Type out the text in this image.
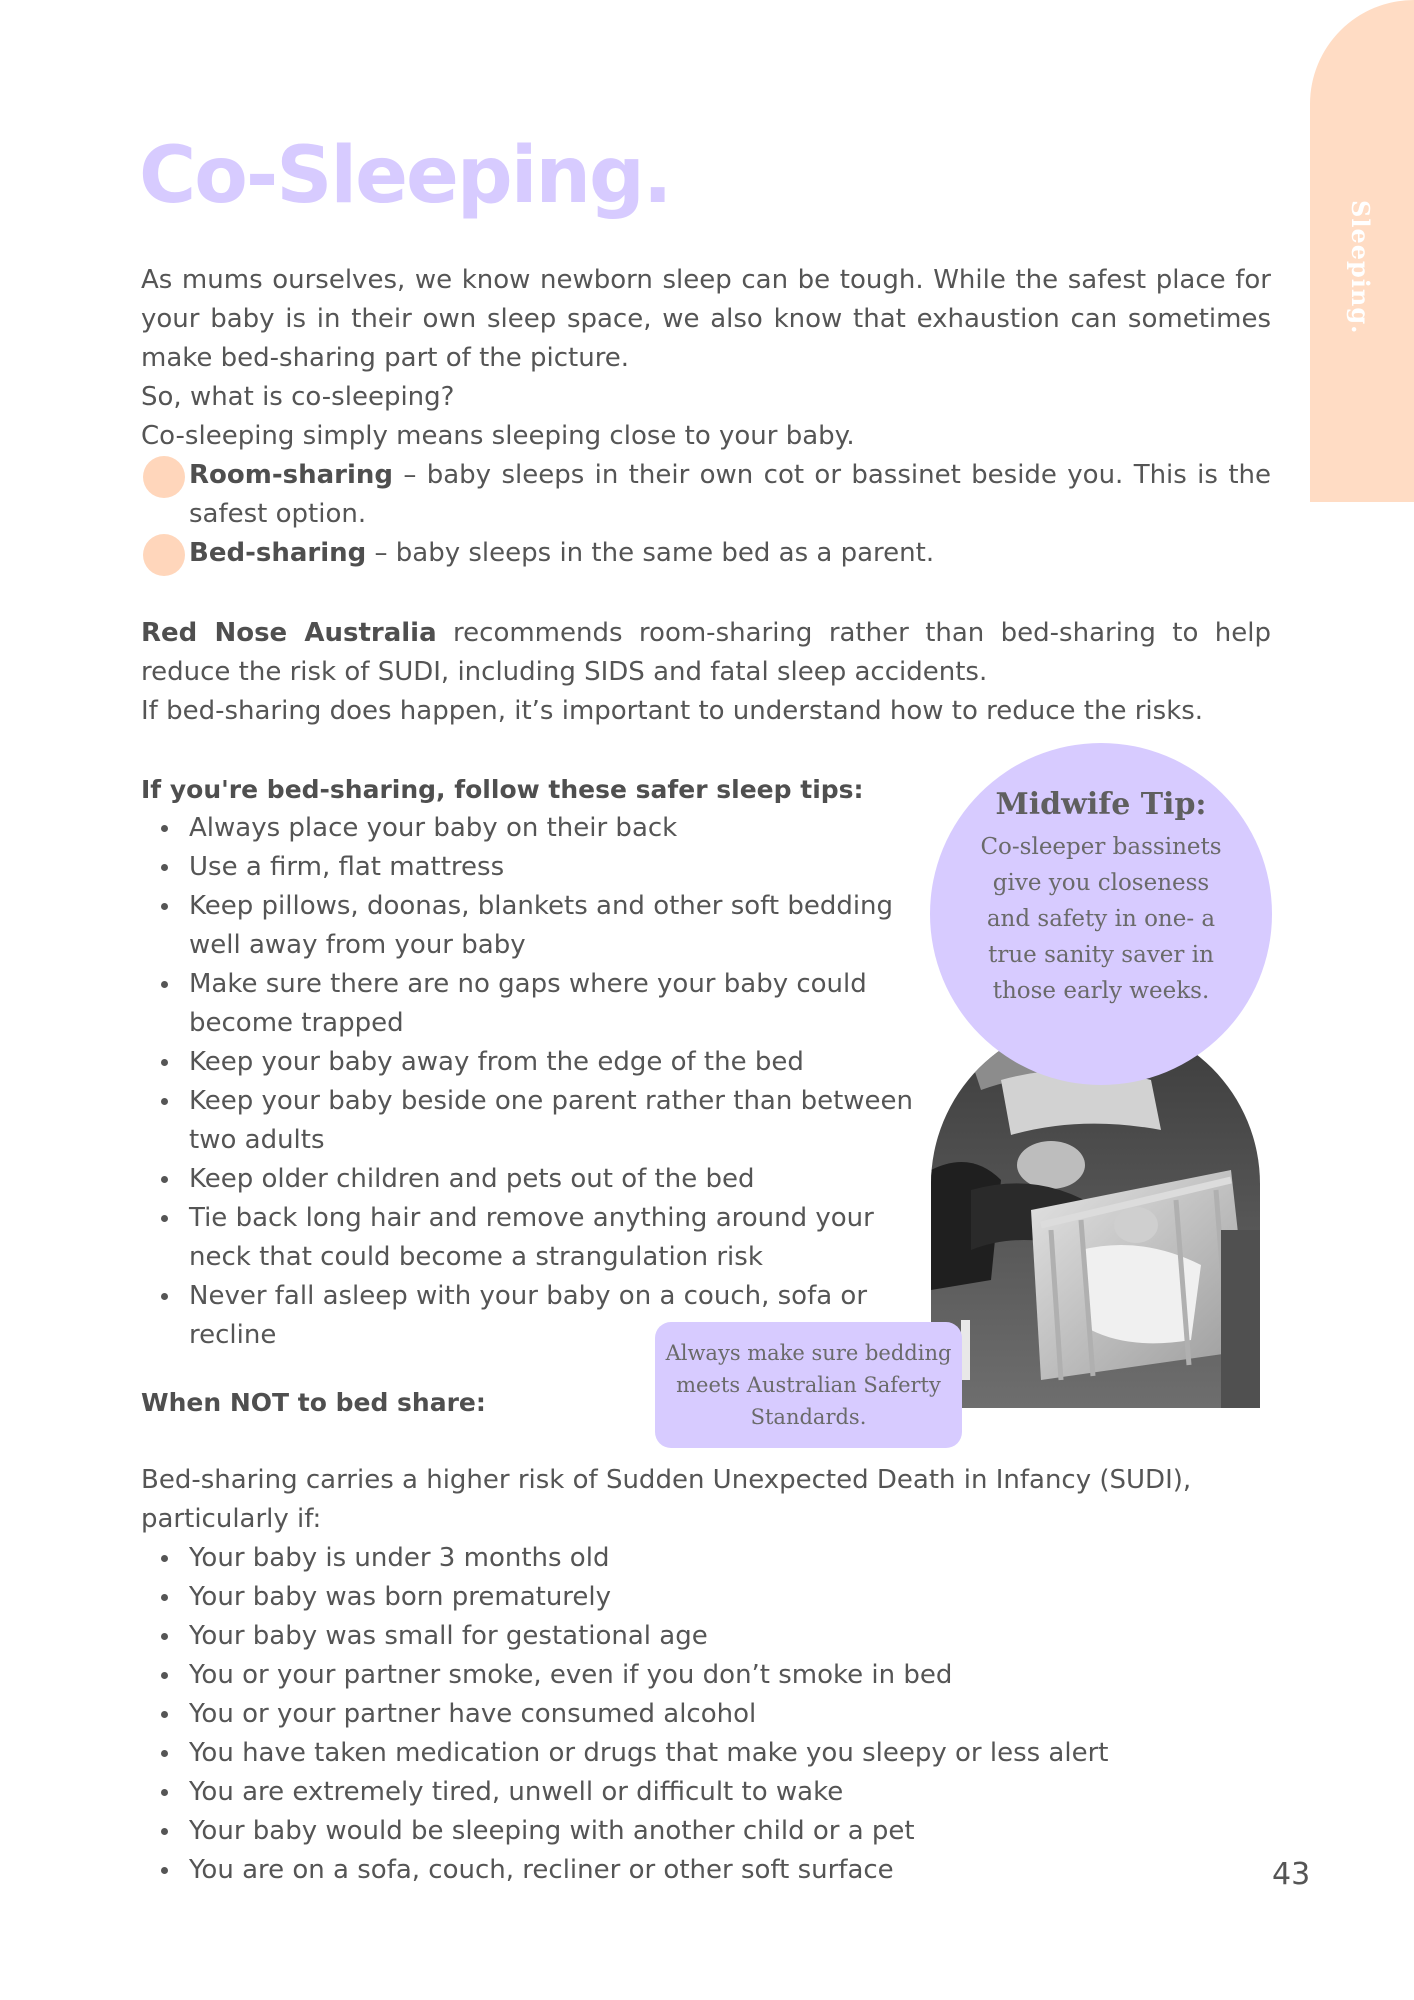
Sleeping.
Co-Sleeping.

As mums ourselves, we know newborn sleep can be tough. While the safest place for your baby is in their own sleep space, we also know that exhaustion can sometimes make bed-sharing part of the picture.

So, what is co-sleeping?

Co-sleeping simply means sleeping close to your baby.

Room-sharing – baby sleeps in their own cot or bassinet beside you. This is the safest option.
Bed-sharing – baby sleeps in the same bed as a parent.

Red Nose Australia recommends room-sharing rather than bed-sharing to help reduce the risk of SUDI, including SIDS and fatal sleep accidents.

If bed-sharing does happen, it’s important to understand how to reduce the risks.

If you're bed-sharing, follow these safer sleep tips:

Always place your baby on their back
Use a firm, flat mattress
Keep pillows, doonas, blankets and other soft bedding well away from your baby
Make sure there are no gaps where your baby could become trapped
Keep your baby away from the edge of the bed
Keep your baby beside one parent rather than between two adults
Keep older children and pets out of the bed
Tie back long hair and remove anything around your neck that could become a strangulation risk
Never fall asleep with your baby on a couch, sofa or recline
Midwife Tip:
Co-sleeper bassinets give you closeness and safety in one- a true sanity saver in those early weeks.
Always make sure bedding meets Australian Saferty Standards.

When NOT to bed share:

Bed-sharing carries a higher risk of Sudden Unexpected Death in Infancy (SUDI), particularly if:

Your baby is under 3 months old
Your baby was born prematurely
Your baby was small for gestational age
You or your partner smoke, even if you don’t smoke in bed
You or your partner have consumed alcohol
You have taken medication or drugs that make you sleepy or less alert
You are extremely tired, unwell or difficult to wake
Your baby would be sleeping with another child or a pet
You are on a sofa, couch, recliner or other soft surface	43
